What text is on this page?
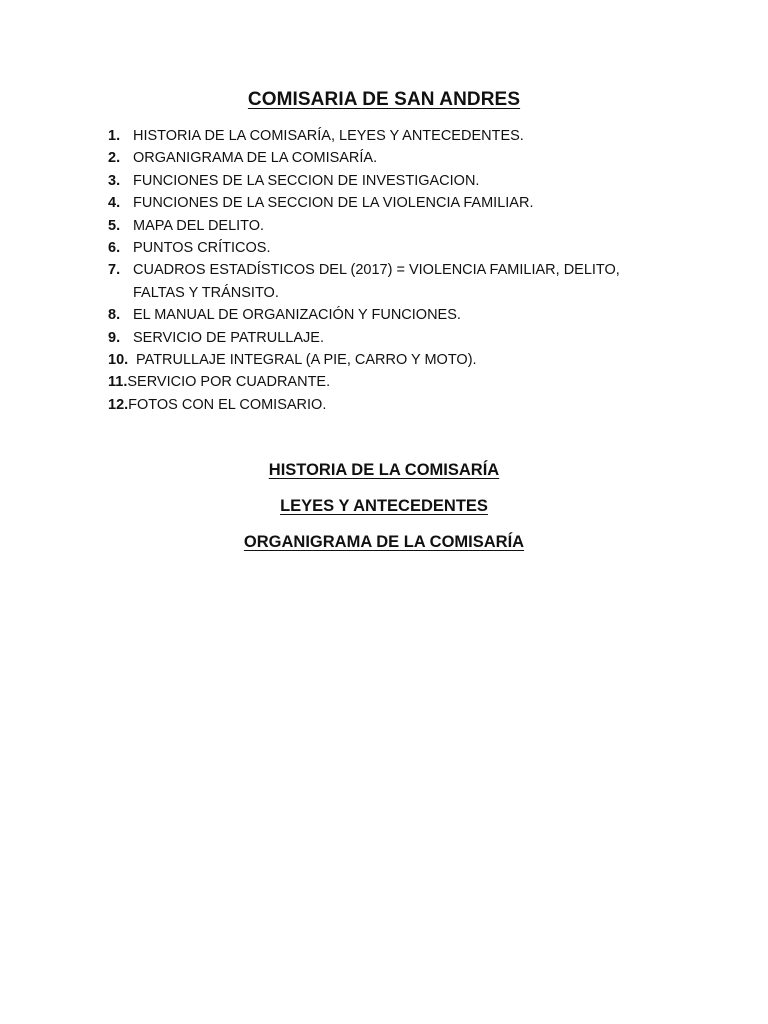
COMISARIA DE SAN ANDRES
1. HISTORIA DE LA COMISARÍA, LEYES Y ANTECEDENTES.
2. ORGANIGRAMA DE LA COMISARÍA.
3. FUNCIONES DE LA SECCION DE INVESTIGACION.
4. FUNCIONES DE LA SECCION DE LA VIOLENCIA FAMILIAR.
5. MAPA DEL DELITO.
6. PUNTOS CRÍTICOS.
7. CUADROS ESTADÍSTICOS DEL (2017) = VIOLENCIA FAMILIAR, DELITO,
FALTAS Y TRÁNSITO.
8. EL MANUAL DE ORGANIZACIÓN Y FUNCIONES.
9. SERVICIO DE PATRULLAJE.
10. PATRULLAJE INTEGRAL (A PIE, CARRO Y MOTO).
11. SERVICIO POR CUADRANTE.
12. FOTOS CON EL COMISARIO.
HISTORIA DE LA COMISARÍA
LEYES Y ANTECEDENTES
ORGANIGRAMA DE LA COMISARÍA
